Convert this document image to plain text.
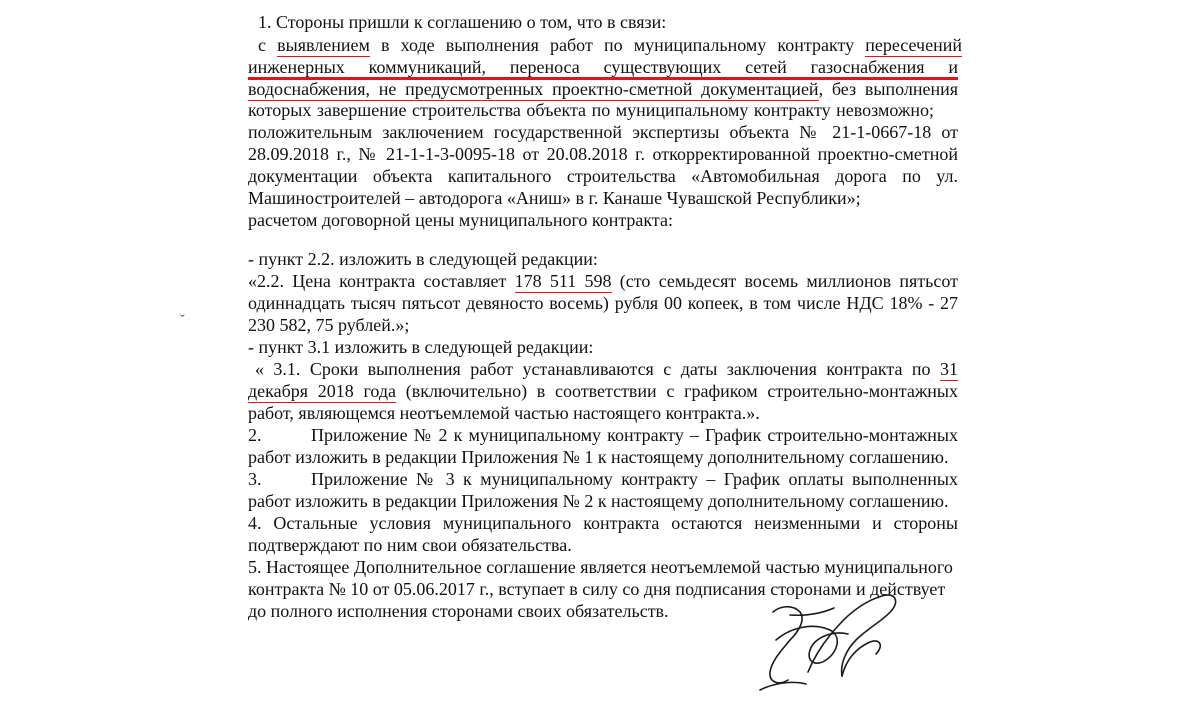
1. Стороны пришли к соглашению о том, что в связи:
с выявлением в ходе выполнения работ по муниципальному контракту пересечений
инженерных коммуникаций, переноса существующих сетей газоснабжения и
водоснабжения, не предусмотренных проектно-сметной документацией, без выполнения
которых завершение строительства объекта по муниципальному контракту невозможно;
положительным заключением государственной экспертизы объекта № 21-1-0667-18 от
28.09.2018 г., № 21-1-1-3-0095-18 от 20.08.2018 г. откорректированной проектно-сметной
документации объекта капитального строительства «Автомобильная дорога по ул.
Машиностроителей – автодорога «Аниш» в г. Канаше Чувашской Республики»;
расчетом договорной цены муниципального контракта:
- пункт 2.2. изложить в следующей редакции:
«2.2. Цена контракта составляет 178 511 598 (сто семьдесят восемь миллионов пятьсот
одиннадцать тысяч пятьсот девяносто восемь) рубля 00 копеек, в том числе НДС 18% - 27
230 582, 75 рублей.»;
- пункт 3.1 изложить в следующей редакции:
« 3.1. Сроки выполнения работ устанавливаются с даты заключения контракта по 31
декабря 2018 года (включительно) в соответствии с графиком строительно-монтажных
работ, являющемся неотъемлемой частью настоящего контракта.».
2.	Приложение № 2 к муниципальному контракту – График строительно-монтажных
работ изложить в редакции Приложения № 1 к настоящему дополнительному соглашению.
3.	Приложение № 3 к муниципальному контракту – График оплаты выполненных
работ изложить в редакции Приложения № 2 к настоящему дополнительному соглашению.
4. Остальные условия муниципального контракта остаются неизменными и стороны
подтверждают по ним свои обязательства.
5. Настоящее Дополнительное соглашение является неотъемлемой частью муниципального
контракта № 10 от 05.06.2017 г., вступает в силу со дня подписания сторонами и действует
до полного исполнения сторонами своих обязательств.
ˇ
